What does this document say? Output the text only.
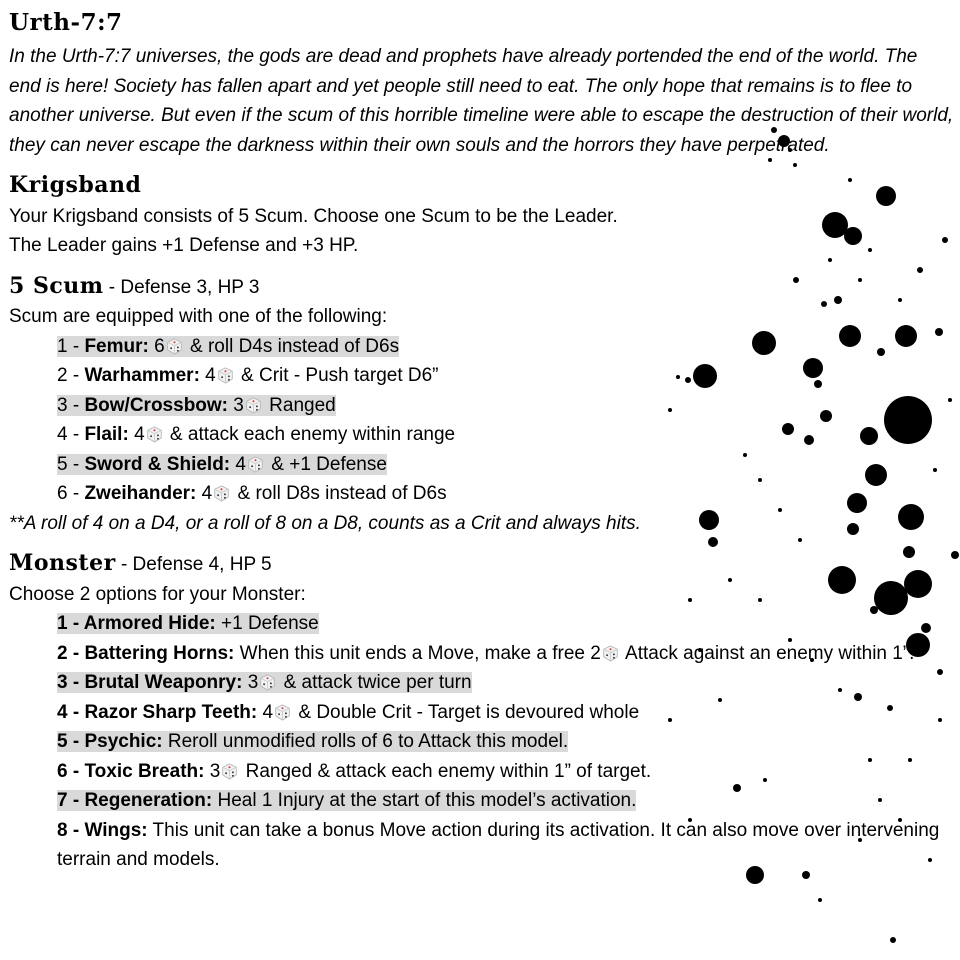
Urth-7:7

In the Urth-7:7 universes, the gods are dead and prophets have already portended the end of the world. The end is here! Society has fallen apart and yet people still need to eat. The only hope that remains is to flee to another universe. But even if the scum of this horrible timeline were able to escape the destruction of their world, they can never escape the darkness within their own souls and the horrors they have perpetrated.

Krigsband
Your Krigsband consists of 5 Scum. Choose one Scum to be the Leader.
The Leader gains +1 Defense and +3 HP.
5 Scum - Defense 3, HP 3
Scum are equipped with one of the following:
1 - Femur: 6 & roll D4s instead of D6s
2 - Warhammer: 4 & Crit - Push target D6”
3 - Bow/Crossbow: 3 Ranged
4 - Flail: 4 & attack each enemy within range
5 - Sword & Shield: 4 & +1 Defense
6 - Zweihander: 4 & roll D8s instead of D6s
**A roll of 4 on a D4, or a roll of 8 on a D8, counts as a Crit and always hits.
Monster - Defense 4, HP 5
Choose 2 options for your Monster:
1 - Armored Hide: +1 Defense
2 - Battering Horns: When this unit ends a Move, make a free 2 Attack against an enemy within 1”.
3 - Brutal Weaponry: 3 & attack twice per turn
4 - Razor Sharp Teeth: 4 & Double Crit - Target is devoured whole
5 - Psychic: Reroll unmodified rolls of 6 to Attack this model.
6 - Toxic Breath: 3 Ranged & attack each enemy within 1” of target.
7 - Regeneration: Heal 1 Injury at the start of this model’s activation.
8 - Wings: This unit can take a bonus Move action during its activation. It can also move over intervening terrain and models.
